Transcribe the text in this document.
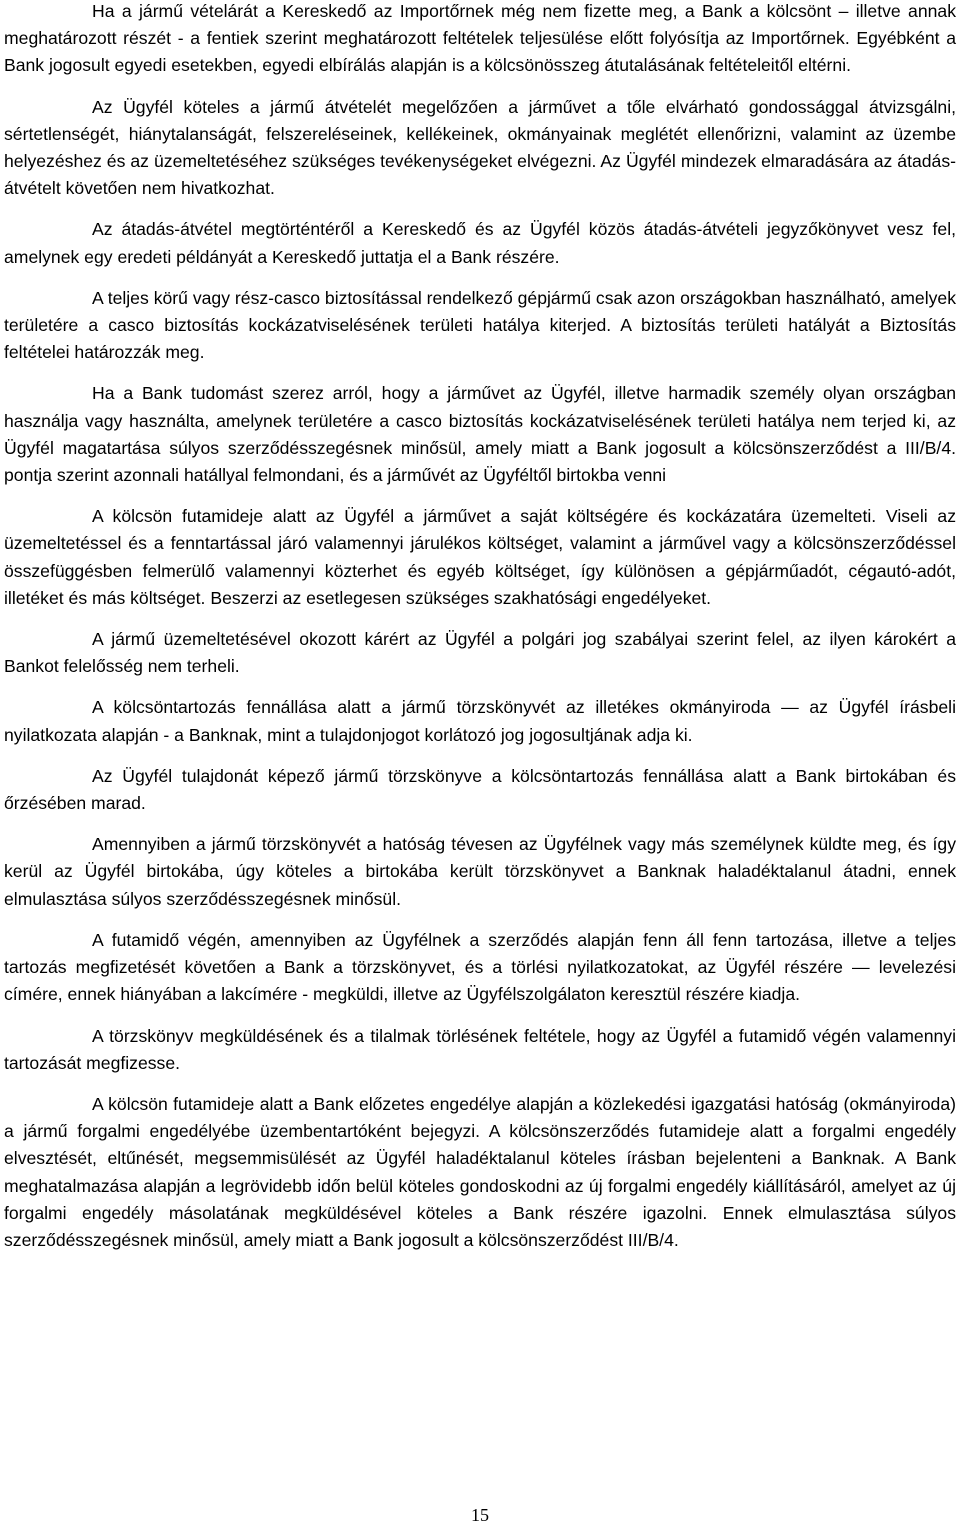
Ha a jármű vételárát a Kereskedő az Importőrnek még nem fizette meg, a Bank a kölcsönt – illetve annak meghatározott részét - a fentiek szerint meghatározott feltételek teljesülése előtt folyósítja az Importőrnek. Egyébként a Bank jogosult egyedi esetekben, egyedi elbírálás alapján is a kölcsönösszeg átutalásának feltételeitől eltérni.

Az Ügyfél köteles a jármű átvételét megelőzően a járművet a tőle elvárható gondossággal átvizsgálni, sértetlenségét, hiánytalanságát, felszereléseinek, kellékeinek, okmányainak meglétét ellenőrizni, valamint az üzembe helyezéshez és az üzemeltetéséhez szükséges tevékenységeket elvégezni. Az Ügyfél mindezek elmaradására az átadás-átvételt követően nem hivatkozhat.

Az átadás-átvétel megtörténtéről a Kereskedő és az Ügyfél közös átadás-átvételi jegyzőkönyvet vesz fel, amelynek egy eredeti példányát a Kereskedő juttatja el a Bank részére.

A teljes körű vagy rész-casco biztosítással rendelkező gépjármű csak azon országokban használható, amelyek területére a casco biztosítás kockázatviselésének területi hatálya kiterjed. A biztosítás területi hatályát a Biztosítás feltételei határozzák meg.

Ha a Bank tudomást szerez arról, hogy a járművet az Ügyfél, illetve harmadik személy olyan országban használja vagy használta, amelynek területére a casco biztosítás kockázatviselésének területi hatálya nem terjed ki, az Ügyfél magatartása súlyos szerződésszegésnek minősül, amely miatt a Bank jogosult a kölcsönszerződést a III/B/4. pontja szerint azonnali hatállyal felmondani, és a járművét az Ügyféltől birtokba venni

A kölcsön futamideje alatt az Ügyfél a járművet a saját költségére és kockázatára üzemelteti. Viseli az üzemeltetéssel és a fenntartással járó valamennyi járulékos költséget, valamint a járművel vagy a kölcsönszerződéssel összefüggésben felmerülő valamennyi közterhet és egyéb költséget, így különösen a gépjárműadót, cégautó-adót, illetéket és más költséget. Beszerzi az esetlegesen szükséges szakhatósági engedélyeket.

A jármű üzemeltetésével okozott kárért az Ügyfél a polgári jog szabályai szerint felel, az ilyen károkért a Bankot felelősség nem terheli.

A kölcsöntartozás fennállása alatt a jármű törzskönyvét az illetékes okmányiroda — az Ügyfél írásbeli nyilatkozata alapján - a Banknak, mint a tulajdonjogot korlátozó jog jogosultjának adja ki.

Az Ügyfél tulajdonát képező jármű törzskönyve a kölcsöntartozás fennállása alatt a Bank birtokában és őrzésében marad.

Amennyiben a jármű törzskönyvét a hatóság tévesen az Ügyfélnek vagy más személynek küldte meg, és így kerül az Ügyfél birtokába, úgy köteles a birtokába került törzskönyvet a Banknak haladéktalanul átadni, ennek elmulasztása súlyos szerződésszegésnek minősül.

A futamidő végén, amennyiben az Ügyfélnek a szerződés alapján fenn áll fenn tartozása, illetve a teljes tartozás megfizetését követően a Bank a törzskönyvet, és a törlési nyilatkozatokat, az Ügyfél részére — levelezési címére, ennek hiányában a lakcímére - megküldi, illetve az Ügyfélszolgálaton keresztül részére kiadja.

A törzskönyv megküldésének és a tilalmak törlésének feltétele, hogy az Ügyfél a futamidő végén valamennyi tartozását megfizesse.

A kölcsön futamideje alatt a Bank előzetes engedélye alapján a közlekedési igazgatási hatóság (okmányiroda) a jármű forgalmi engedélyébe üzembentartóként bejegyzi. A kölcsönszerződés futamideje alatt a forgalmi engedély elvesztését, eltűnését, megsemmisülését az Ügyfél haladéktalanul köteles írásban bejelenteni a Banknak. A Bank meghatalmazása alapján a legrövidebb időn belül köteles gondoskodni az új forgalmi engedély kiállításáról, amelyet az új forgalmi engedély másolatának megküldésével köteles a Bank részére igazolni. Ennek elmulasztása súlyos szerződésszegésnek minősül, amely miatt a Bank jogosult a kölcsönszerződést III/B/4.

15
